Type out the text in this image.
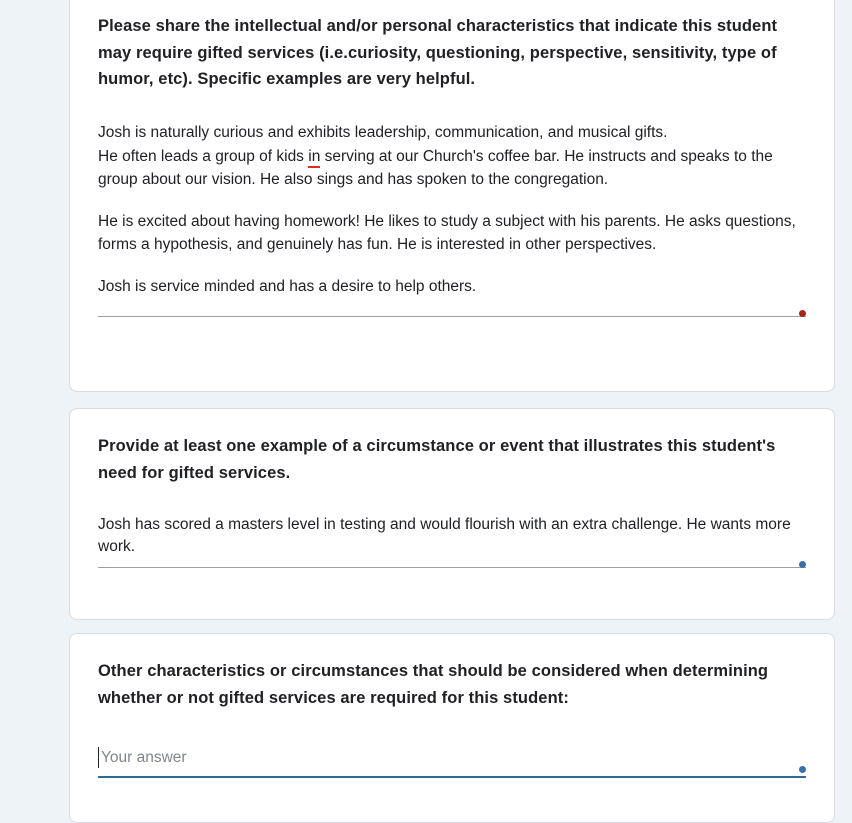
Please share the intellectual and/or personal characteristics that indicate this student may require gifted services (i.e.curiosity, questioning, perspective, sensitivity, type of humor, etc). Specific examples are very helpful.

Josh is naturally curious and exhibits leadership, communication, and musical gifts.
He often leads a group of kids in serving at our Church's coffee bar. He instructs and speaks to the group about our vision. He also sings and has spoken to the congregation.

He is excited about having homework! He likes to study a subject with his parents. He asks questions, forms a hypothesis, and genuinely has fun. He is interested in other perspectives.

Josh is service minded and has a desire to help others.

Provide at least one example of a circumstance or event that illustrates this student's need for gifted services.
Josh has scored a masters level in testing and would flourish with an extra challenge. He wants more work.
Other characteristics or circumstances that should be considered when determining whether or not gifted services are required for this student:
Your answer
